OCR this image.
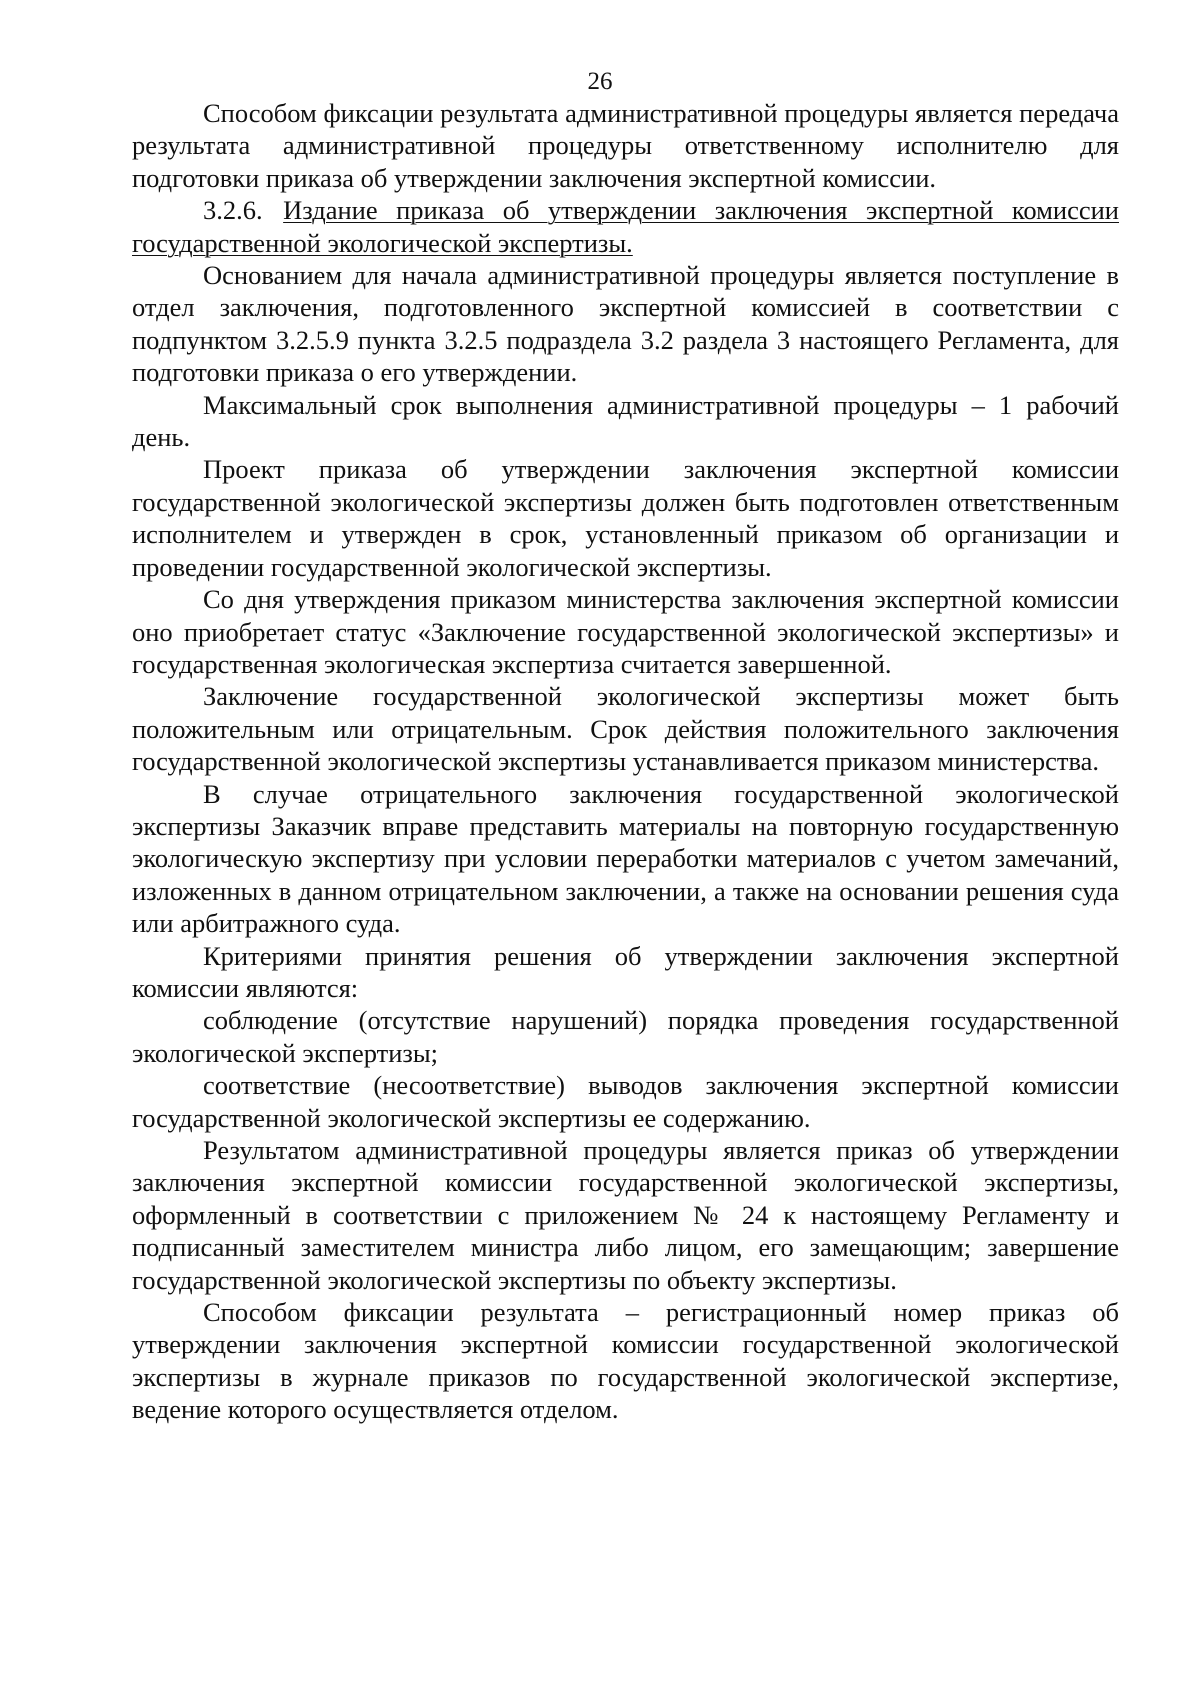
26

Способом фиксации результата административной процедуры является передача результата административной процедуры ответственному исполнителю для подготовки приказа об утверждении заключения экспертной комиссии.

3.2.6. Издание приказа об утверждении заключения экспертной комиссии государственной экологической экспертизы.

Основанием для начала административной процедуры является поступление в отдел заключения, подготовленного экспертной комиссией в соответствии с подпунктом 3.2.5.9 пункта 3.2.5 подраздела 3.2 раздела 3 настоящего Регламента, для подготовки приказа о его утверждении.

Максимальный срок выполнения административной процедуры – 1 рабочий день.

Проект приказа об утверждении заключения экспертной комиссии государственной экологической экспертизы должен быть подготовлен ответственным исполнителем и утвержден в срок, установленный приказом об организации и проведении государственной экологической экспертизы.

Со дня утверждения приказом министерства заключения экспертной комиссии оно приобретает статус «Заключение государственной экологической экспертизы» и государственная экологическая экспертиза считается завершенной.

Заключение государственной экологической экспертизы может быть положительным или отрицательным. Срок действия положительного заключения государственной экологической экспертизы устанавливается приказом министерства.

В случае отрицательного заключения государственной экологической экспертизы Заказчик вправе представить материалы на повторную государственную экологическую экспертизу при условии переработки материалов с учетом замечаний, изложенных в данном отрицательном заключении, а также на основании решения суда или арбитражного суда.

Критериями принятия решения об утверждении заключения экспертной комиссии являются:

соблюдение (отсутствие нарушений) порядка проведения государственной экологической экспертизы;

соответствие (несоответствие) выводов заключения экспертной комиссии государственной экологической экспертизы ее содержанию.

Результатом административной процедуры является приказ об утверждении заключения экспертной комиссии государственной экологической экспертизы, оформленный в соответствии с приложением № 24 к настоящему Регламенту и подписанный заместителем министра либо лицом, его замещающим; завершение государственной экологической экспертизы по объекту экспертизы.

Способом фиксации результата – регистрационный номер приказ об утверждении заключения экспертной комиссии государственной экологической экспертизы в журнале приказов по государственной экологической экспертизе, ведение которого осуществляется отделом.
